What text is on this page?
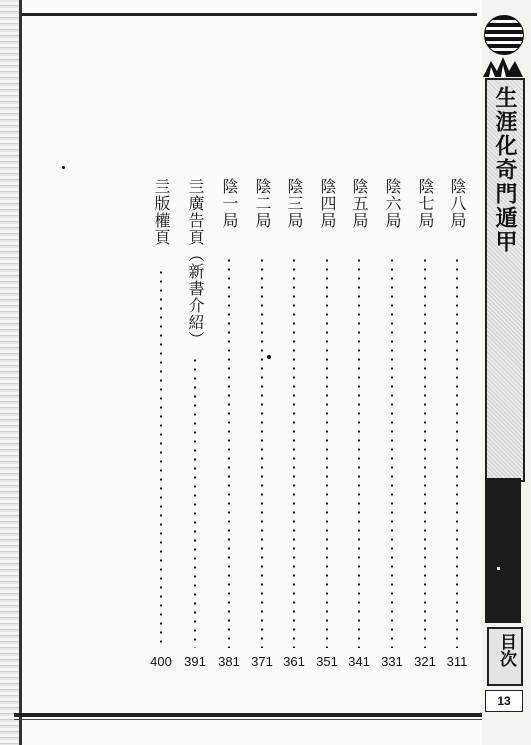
生涯化奇門遁甲
目次
13
陰八局
311
陰七局
321
陰六局
331
陰五局
341
陰四局
351
陰三局
361
陰二局
371
陰一局
381
亖廣告頁（新書介紹）
391
亖版權頁
400
